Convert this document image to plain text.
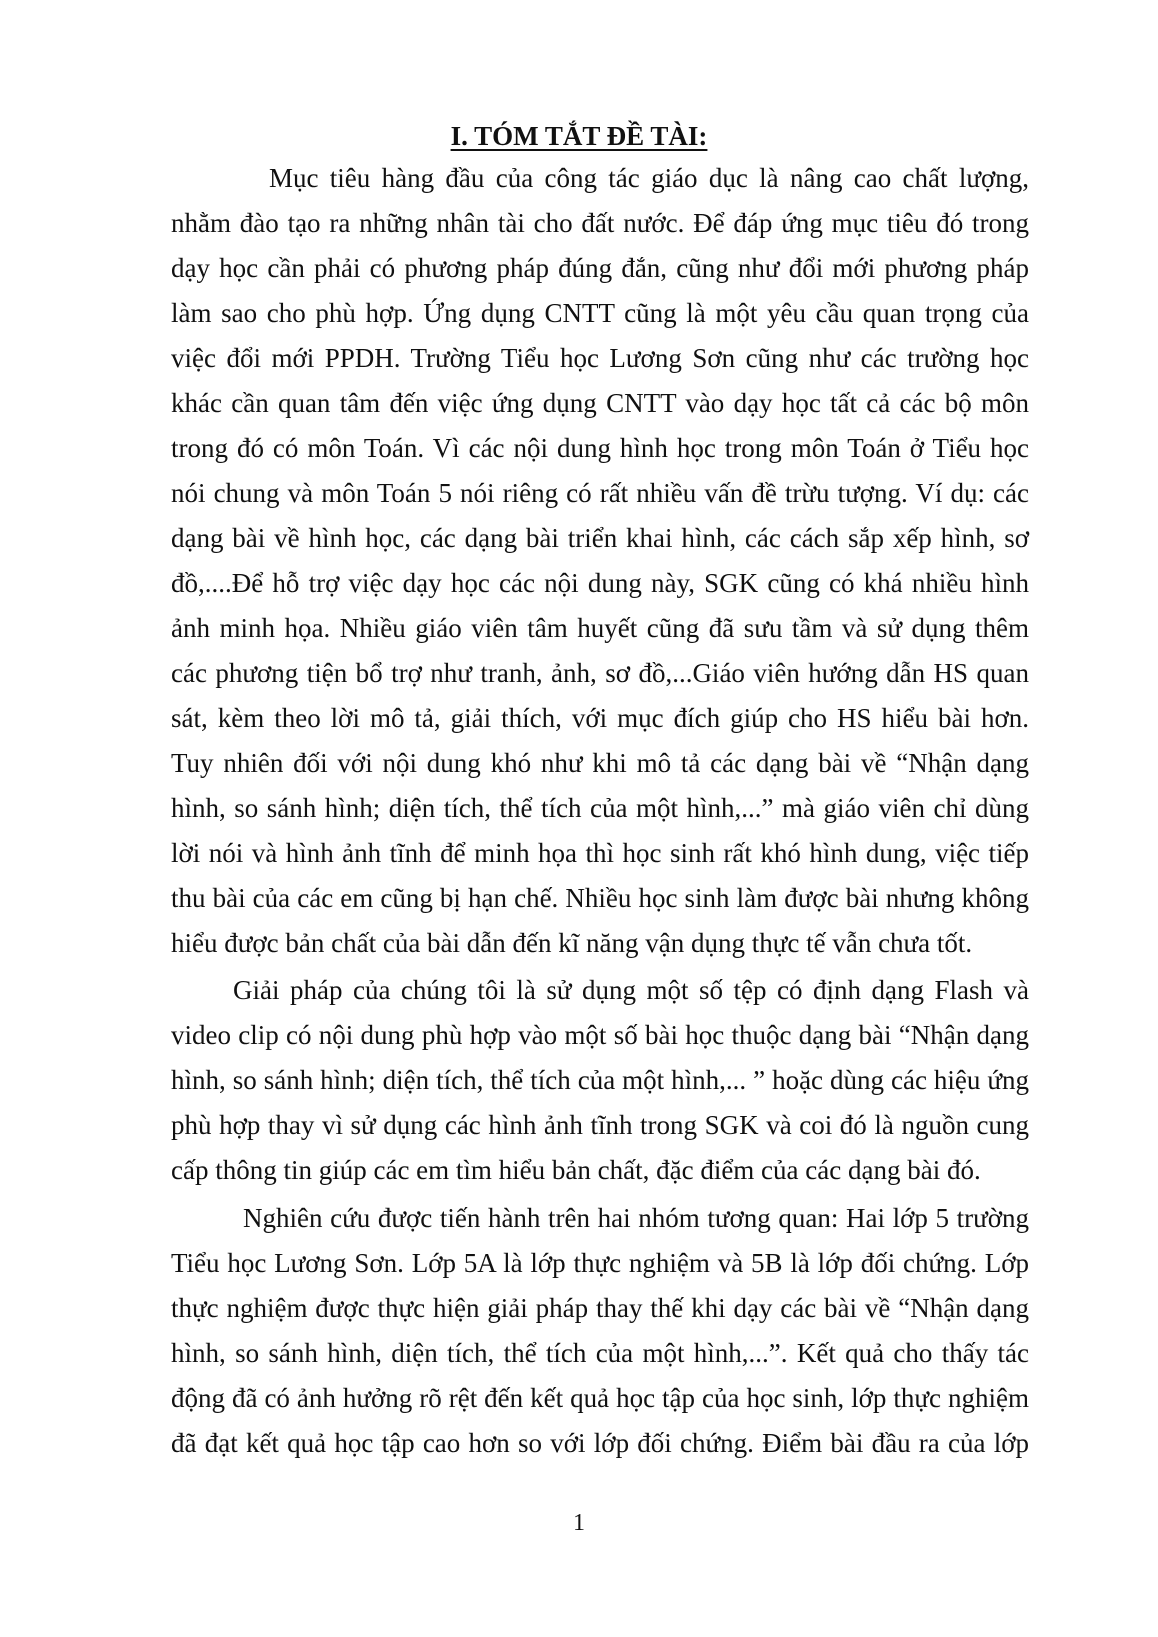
I. TÓM TẮT ĐỀ TÀI:

Mục tiêu hàng đầu của công tác giáo dục là nâng cao chất lượng,
nhằm đào tạo ra những nhân tài cho đất nước. Để đáp ứng mục tiêu đó trong
dạy học cần phải có phương pháp đúng đắn, cũng như đổi mới phương pháp
làm sao cho phù hợp. Ứng dụng CNTT cũng là một yêu cầu quan trọng của
việc đổi mới PPDH. Trường Tiểu học Lương Sơn cũng như các trường học
khác cần quan tâm đến việc ứng dụng CNTT vào dạy học tất cả các bộ môn
trong đó có môn Toán. Vì các nội dung hình học trong môn Toán ở Tiểu học
nói chung và môn Toán 5 nói riêng có rất nhiều vấn đề trừu tượng. Ví dụ: các
dạng bài về hình học, các dạng bài triển khai hình, các cách sắp xếp hình, sơ
đồ,....Để hỗ trợ việc dạy học các nội dung này, SGK cũng có khá nhiều hình
ảnh minh họa. Nhiều giáo viên tâm huyết cũng đã sưu tầm và sử dụng thêm
các phương tiện bổ trợ như tranh, ảnh, sơ đồ,...Giáo viên hướng dẫn HS quan
sát, kèm theo lời mô tả, giải thích, với mục đích giúp cho HS hiểu bài hơn.
Tuy nhiên đối với nội dung khó như khi mô tả các dạng bài về “Nhận dạng
hình, so sánh hình; diện tích, thể tích của một hình,...” mà giáo viên chỉ dùng
lời nói và hình ảnh tĩnh để minh họa thì học sinh rất khó hình dung, việc tiếp
thu bài của các em cũng bị hạn chế. Nhiều học sinh làm được bài nhưng không
hiểu được bản chất của bài dẫn đến kĩ năng vận dụng thực tế vẫn chưa tốt.

Giải pháp của chúng tôi là sử dụng một số tệp có định dạng Flash và
video clip có nội dung phù hợp vào một số bài học thuộc dạng bài “Nhận dạng
hình, so sánh hình; diện tích, thể tích của một hình,... ” hoặc dùng các hiệu ứng
phù hợp thay vì sử dụng các hình ảnh tĩnh trong SGK và coi đó là nguồn cung
cấp thông tin giúp các em tìm hiểu bản chất, đặc điểm của các dạng bài đó.

Nghiên cứu được tiến hành trên hai nhóm tương quan: Hai lớp 5 trường
Tiểu học Lương Sơn. Lớp 5A là lớp thực nghiệm và 5B là lớp đối chứng. Lớp
thực nghiệm được thực hiện giải pháp thay thế khi dạy các bài về “Nhận dạng
hình, so sánh hình, diện tích, thể tích của một hình,...”. Kết quả cho thấy tác
động đã có ảnh hưởng rõ rệt đến kết quả học tập của học sinh, lớp thực nghiệm
đã đạt kết quả học tập cao hơn so với lớp đối chứng. Điểm bài đầu ra của lớp

1
